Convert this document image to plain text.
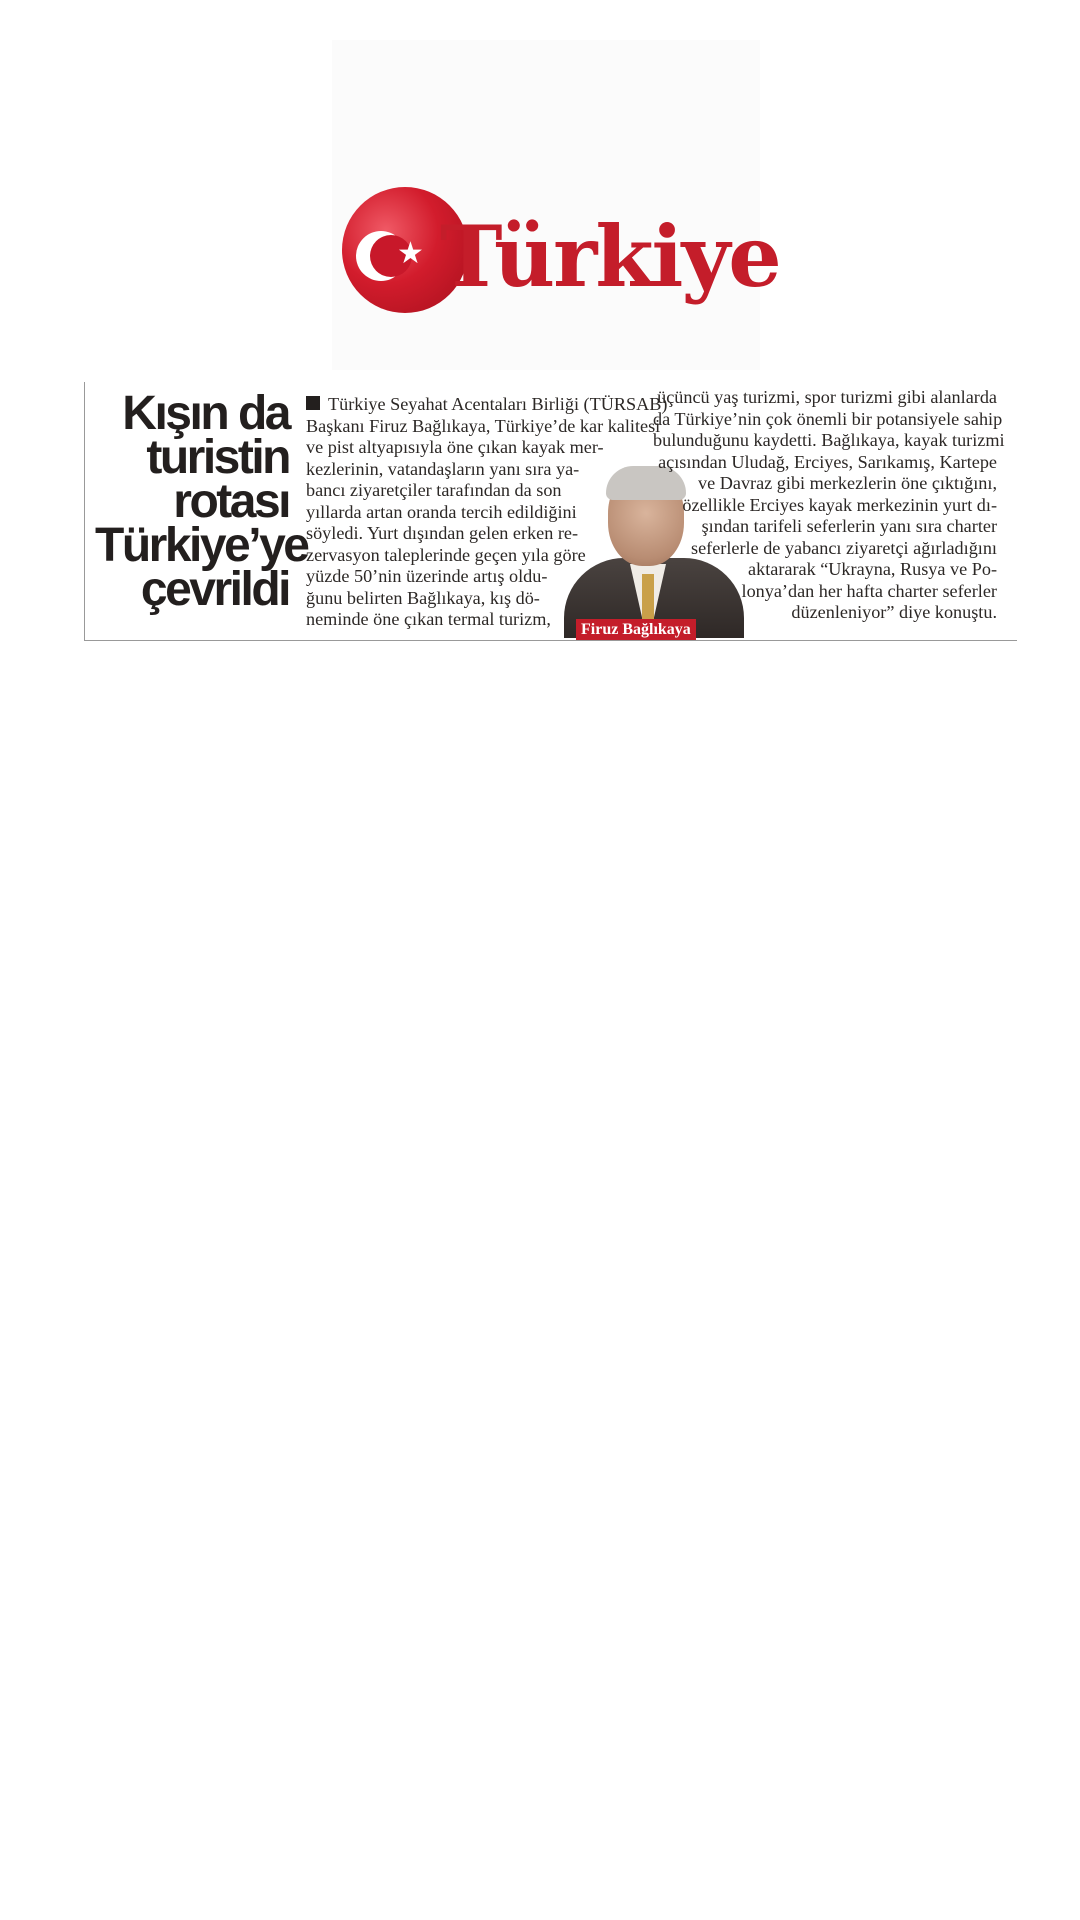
★ Türkiye
Kışın da
turistin
rotası
Türkiye’ye
çevrildi
Türkiye Seyahat Acentaları Birliği (TÜRSAB)
Başkanı Firuz Bağlıkaya, Türkiye’de kar kalitesi
ve pist altyapısıyla öne çıkan kayak mer-
kezlerinin, vatandaşların yanı sıra ya-
bancı ziyaretçiler tarafından da son
yıllarda artan oranda tercih edildiğini
söyledi. Yurt dışından gelen erken re-
zervasyon taleplerinde geçen yıla göre
yüzde 50’nin üzerinde artış oldu-
ğunu belirten Bağlıkaya, kış dö-
neminde öne çıkan termal turizm,
Firuz Bağlıkaya
üçüncü yaş turizmi, spor turizmi gibi alanlarda
da Türkiye’nin çok önemli bir potansiyele sahip
bulunduğunu kaydetti. Bağlıkaya, kayak turizmi
açısından Uludağ, Erciyes, Sarıkamış, Kartepe
ve Davraz gibi merkezlerin öne çıktığını,
özellikle Erciyes kayak merkezinin yurt dı-
şından tarifeli seferlerin yanı sıra charter
seferlerle de yabancı ziyaretçi ağırladığını
aktararak “Ukrayna, Rusya ve Po-
lonya’dan her hafta charter seferler
düzenleniyor” diye konuştu.
